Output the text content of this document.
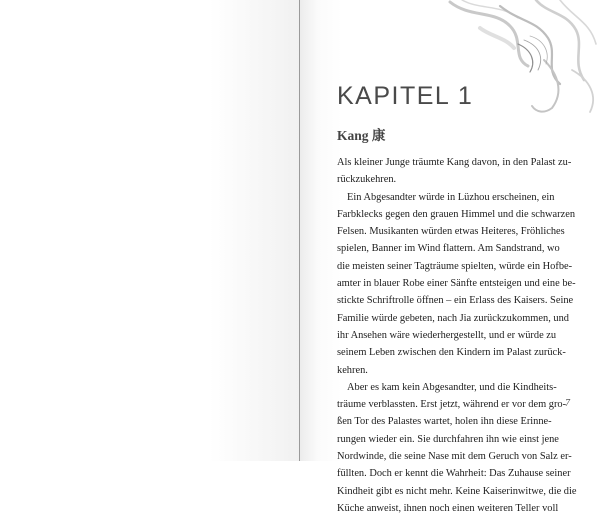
KAPITEL 1
Kang 康
Als kleiner Junge träumte Kang davon, in den Palast zu-
rückzukehren.
Ein Abgesandter würde in Lüzhou erscheinen, ein
Farbklecks gegen den grauen Himmel und die schwarzen
Felsen. Musikanten würden etwas Heiteres, Fröhliches
spielen, Banner im Wind flattern. Am Sandstrand, wo
die meisten seiner Tagträume spielten, würde ein Hofbe-
amter in blauer Robe einer Sänfte entsteigen und eine be-
stickte Schriftrolle öffnen – ein Erlass des Kaisers. Seine
Familie würde gebeten, nach Jia zurückzukommen, und
ihr Ansehen wäre wiederhergestellt, und er würde zu
seinem Leben zwischen den Kindern im Palast zurück-
kehren.
Aber es kam kein Abgesandter, und die Kindheits-
träume verblassten. Erst jetzt, während er vor dem gro-
ßen Tor des Palastes wartet, holen ihn diese Erinne-
rungen wieder ein. Sie durchfahren ihn wie einst jene
Nordwinde, die seine Nase mit dem Geruch von Salz er-
füllten. Doch er kennt die Wahrheit: Das Zuhause seiner
Kindheit gibt es nicht mehr. Keine Kaiserinwitwe, die die
Küche anweist, ihnen noch einen weiteren Teller voll

7
